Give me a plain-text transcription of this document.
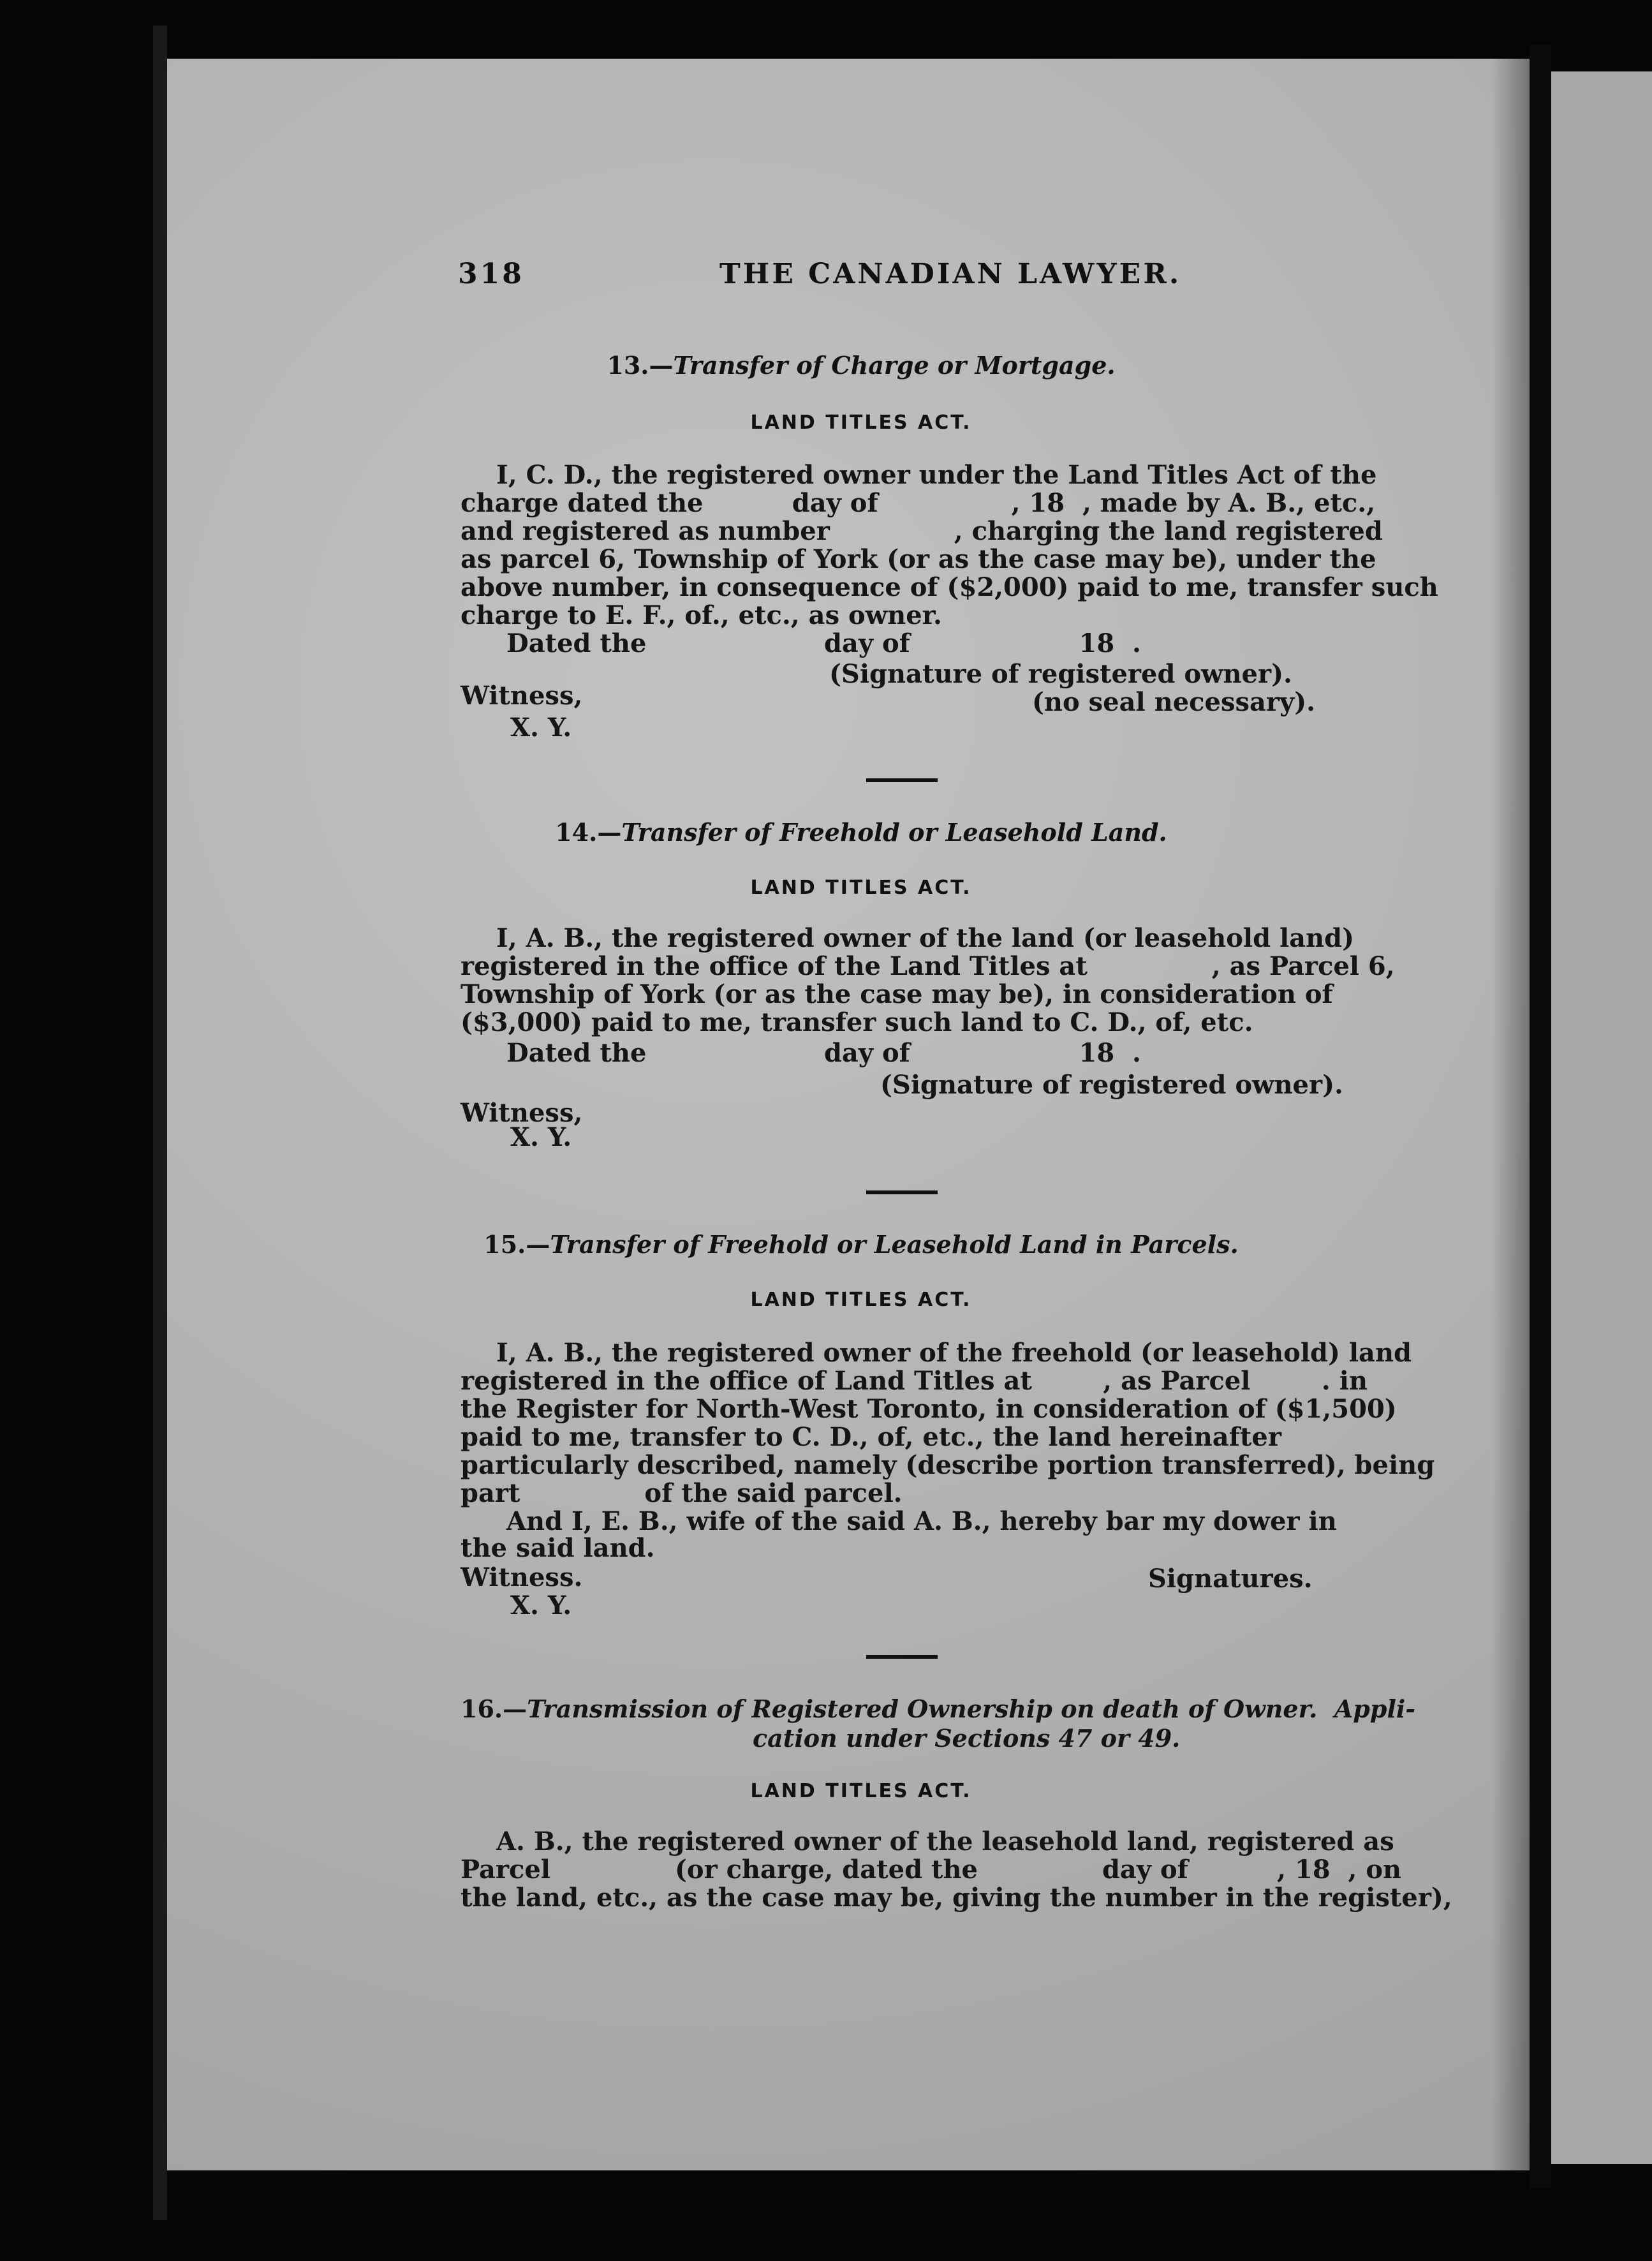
318	THE CANADIAN LAWYER.
13.—Transfer of Charge or Mortgage.
LAND TITLES ACT.
I, C. D., the registered owner under the Land Titles Act of the
charge dated the          day of               , 18  , made by A. B., etc.,
and registered as number              , charging the land registered
as parcel 6, Township of York (or as the case may be), under the
above number, in consequence of ($2,000) paid to me, transfer such
charge to E. F., of., etc., as owner.
Dated the                    day of                   18  .
(Signature of registered owner).
Witness,	(no seal necessary).
X. Y.
14.—Transfer of Freehold or Leasehold Land.
LAND TITLES ACT.
I, A. B., the registered owner of the land (or leasehold land)
registered in the office of the Land Titles at              , as Parcel 6,
Township of York (or as the case may be), in consideration of
($3,000) paid to me, transfer such land to C. D., of, etc.
Dated the                    day of                   18  .
(Signature of registered owner).
Witness,
X. Y.
15.—Transfer of Freehold or Leasehold Land in Parcels.
LAND TITLES ACT.
I, A. B., the registered owner of the freehold (or leasehold) land
registered in the office of Land Titles at        , as Parcel        . in
the Register for North-West Toronto, in consideration of ($1,500)
paid to me, transfer to C. D., of, etc., the land hereinafter
particularly described, namely (describe portion transferred), being
part              of the said parcel.
And I, E. B., wife of the said A. B., hereby bar my dower in
the said land.
Witness.	Signatures.
X. Y.
16.—Transmission of Registered Ownership on death of Owner.  Appli-
cation under Sections 47 or 49.
LAND TITLES ACT.
A. B., the registered owner of the leasehold land, registered as
Parcel              (or charge, dated the              day of          , 18  , on
the land, etc., as the case may be, giving the number in the register),
